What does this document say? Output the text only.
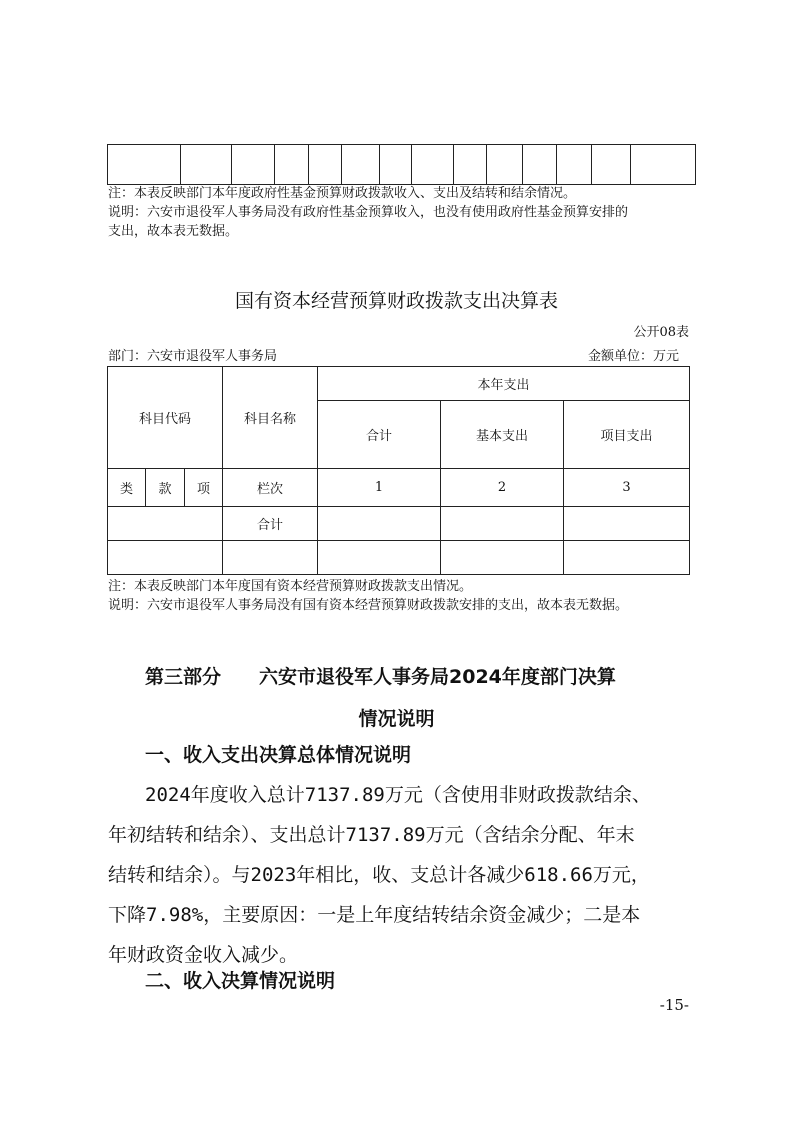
注：本表反映部门本年度政府性基金预算财政拨款收入、支出及结转和结余情况。
说明：六安市退役军人事务局没有政府性基金预算收入，也没有使用政府性基金预算安排的
支出，故本表无数据。
国有资本经营预算财政拨款支出决算表
公开08表
部门：六安市退役军人事务局	金额单位：万元
科目代码			科目名称	本年支出		
				合计	基本支出	项目支出
类	款	项	栏次	1	2	3
			合计			

注：本表反映部门本年度国有资本经营预算财政拨款支出情况。
说明：六安市退役军人事务局没有国有资本经营预算财政拨款安排的支出，故本表无数据。
第三部分　　六安市退役军人事务局2024年度部门决算
情况说明
一、收入支出决算总体情况说明
2024年度收入总计7137.89万元（含使用非财政拨款结余、
年初结转和结余）、支出总计7137.89万元（含结余分配、年末
结转和结余）。与2023年相比，收、支总计各减少618.66万元，
下降7.98%，主要原因：一是上年度结转结余资金减少；二是本
年财政资金收入减少。
二、收入决算情况说明
-15-
